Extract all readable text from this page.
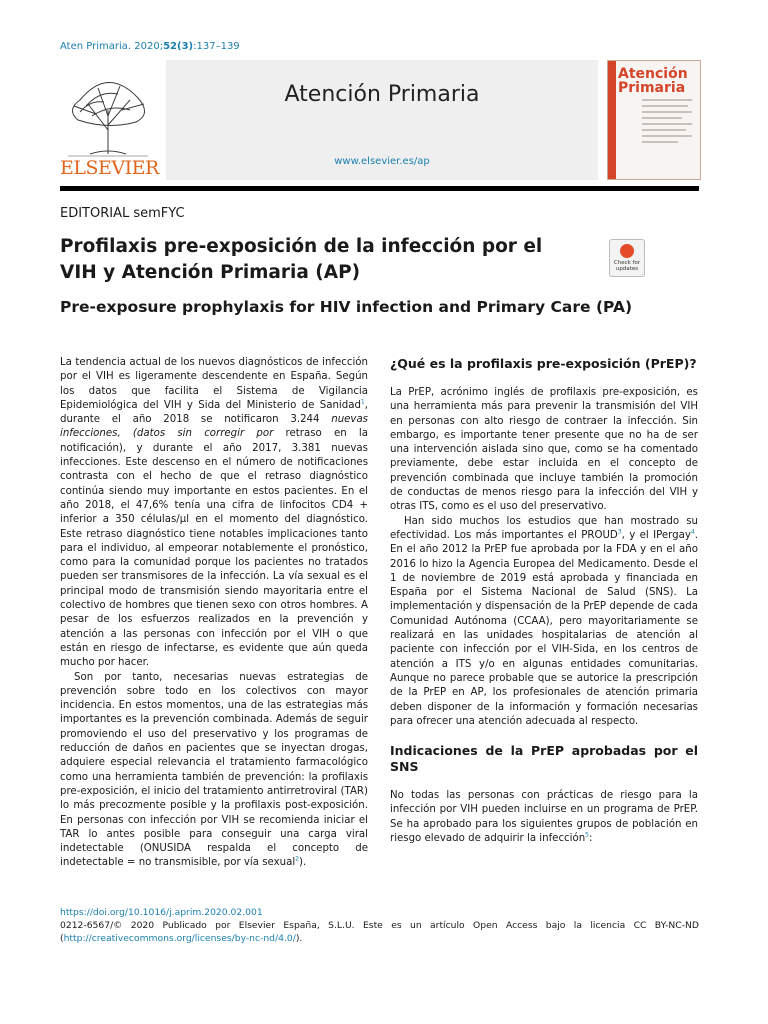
Aten Primaria. 2020;52(3):137–139
ELSEVIER
Atención Primaria
www.elsevier.es/ap
Atención Primaria
EDITORIAL semFYC
Profilaxis pre-exposición de la infección por el VIH y Atención Primaria (AP)	Check for updates
Pre-exposure prophylaxis for HIV infection and Primary Care (PA)

La tendencia actual de los nuevos diagnósticos de infección por el VIH es ligeramente descendente en España. Según los datos que facilita el Sistema de Vigilancia Epidemiológica del VIH y Sida del Ministerio de Sanidad$^1$, durante el año 2018 se notificaron 3.244 nuevas infecciones, (datos sin corregir por retraso en la notificación), y durante el año 2017, 3.381 nuevas infecciones. Este descenso en el número de notificaciones contrasta con el hecho de que el retraso diagnóstico continúa siendo muy importante en estos pacientes. En el año 2018, el 47,6% tenía una cifra de linfocitos CD4 + inferior a 350 células/μl en el momento del diagnóstico. Este retraso diagnóstico tiene notables implicaciones tanto para el individuo, al empeorar notablemente el pronóstico, como para la comunidad porque los pacientes no tratados pueden ser transmisores de la infección. La vía sexual es el principal modo de transmisión siendo mayoritaria entre el colectivo de hombres que tienen sexo con otros hombres. A pesar de los esfuerzos realizados en la prevención y atención a las personas con infección por el VIH o que están en riesgo de infectarse, es evidente que aún queda mucho por hacer.

Son por tanto, necesarias nuevas estrategias de prevención sobre todo en los colectivos con mayor incidencia. En estos momentos, una de las estrategias más importantes es la prevención combinada. Además de seguir promoviendo el uso del preservativo y los programas de reducción de daños en pacientes que se inyectan drogas, adquiere especial relevancia el tratamiento farmacológico como una herramienta también de prevención: la profilaxis pre-exposición, el inicio del tratamiento antirretroviral (TAR) lo más precozmente posible y la profilaxis post-exposición. En personas con infección por VIH se recomienda iniciar el TAR lo antes posible para conseguir una carga viral indetectable (ONUSIDA respalda el concepto de indetectable = no transmisible, por vía sexual$^2$).

¿Qué es la profilaxis pre-exposición (PrEP)?

La PrEP, acrónimo inglés de profilaxis pre-exposición, es una herramienta más para prevenir la transmisión del VIH en personas con alto riesgo de contraer la infección. Sin embargo, es importante tener presente que no ha de ser una intervención aislada sino que, como se ha comentado previamente, debe estar incluida en el concepto de prevención combinada que incluye también la promoción de conductas de menos riesgo para la infección del VIH y otras ITS, como es el uso del preservativo.

Han sido muchos los estudios que han mostrado su efectividad. Los más importantes el PROUD$^3$, y el IPergay$^4$. En el año 2012 la PrEP fue aprobada por la FDA y en el año 2016 lo hizo la Agencia Europea del Medicamento. Desde el 1 de noviembre de 2019 está aprobada y financiada en España por el Sistema Nacional de Salud (SNS). La implementación y dispensación de la PrEP depende de cada Comunidad Autónoma (CCAA), pero mayoritariamente se realizará en las unidades hospitalarias de atención al paciente con infección por el VIH-Sida, en los centros de atención a ITS y/o en algunas entidades comunitarias. Aunque no parece probable que se autorice la prescripción de la PrEP en AP, los profesionales de atención primaria deben disponer de la información y formación necesarias para ofrecer una atención adecuada al respecto.

Indicaciones de la PrEP aprobadas por el SNS

No todas las personas con prácticas de riesgo para la infección por VIH pueden incluirse en un programa de PrEP. Se ha aprobado para los siguientes grupos de población en riesgo elevado de adquirir la infección$^5$:

https://doi.org/10.1016/j.aprim.2020.02.001
0212-6567/© 2020 Publicado por Elsevier España, S.L.U. Este es un artículo Open Access bajo la licencia CC BY-NC-ND (http://creativecommons.org/licenses/by-nc-nd/4.0/).
